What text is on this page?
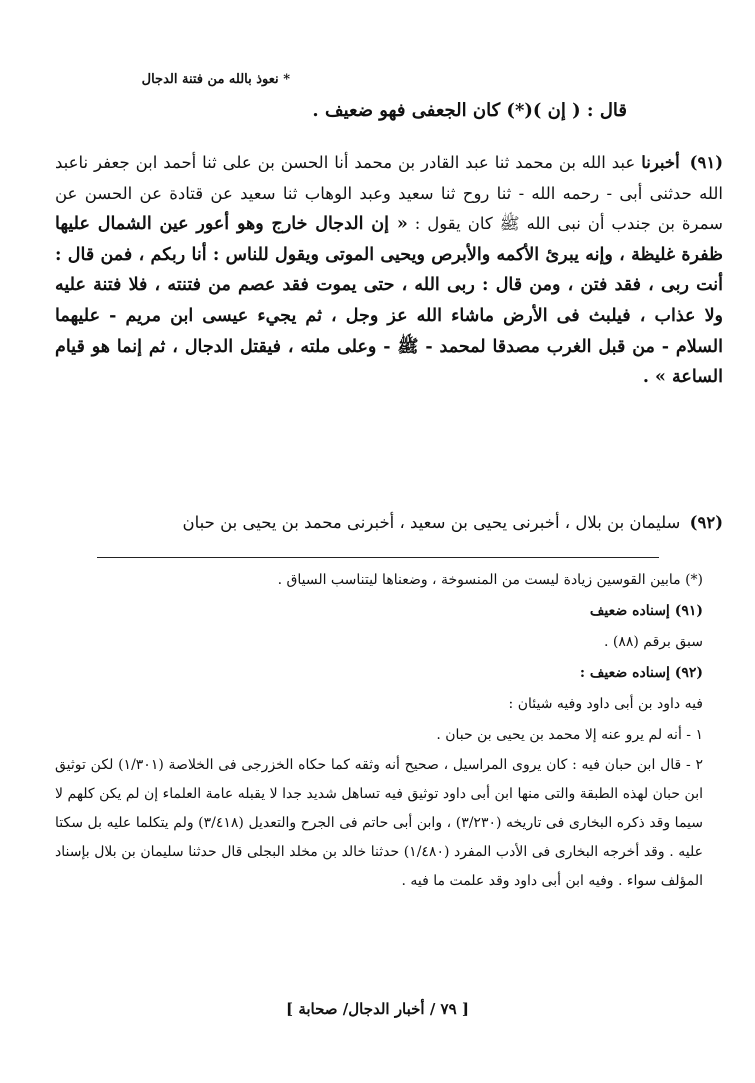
* نعوذ بالله من فتنة الدجال
قال : ( إن )(*) كان الجعفى فهو ضعيف .

(٩١) أخبرنا عبد الله بن محمد ثنا عبد القادر بن محمد أنا الحسن بن على ثنا أحمد ابن جعفر ناعبد الله حدثنى أبى - رحمه الله - ثنا روح ثنا سعيد وعبد الوهاب ثنا سعيد عن قتادة عن الحسن عن سمرة بن جندب أن نبى الله ﷺ كان يقول : « إن الدجال خارج وهو أعور عين الشمال عليها ظفرة غليظة ، وإنه يبرئ الأكمه والأبرص ويحيى الموتى ويقول للناس : أنا ربكم ، فمن قال : أنت ربى ، فقد فتن ، ومن قال : ربى الله ، حتى يموت فقد عصم من فتنته ، فلا فتنة عليه ولا عذاب ، فيلبث فى الأرض ماشاء الله عز وجل ، ثم يجيء عيسى ابن مريم - عليهما السلام - من قبل الغرب مصدقا لمحمد - ﷺ - وعلى ملته ، فيقتل الدجال ، ثم إنما هو قيام الساعة » .

(٩٢) سليمان بن بلال ، أخبرنى يحيى بن سعيد ، أخبرنى محمد بن يحيى بن حبان
(*) مابين القوسين زيادة ليست من المنسوخة ، وضعناها ليتناسب السياق .
(٩١) إسناده ضعيف
سبق برقم (٨٨) .
(٩٢) إسناده ضعيف :
فيه داود بن أبى داود وفيه شيئان :
١ - أنه لم يرو عنه إلا محمد بن يحيى بن حبان .
٢ - قال ابن حبان فيه : كان يروى المراسيل ، صحيح أنه وثقه كما حكاه الخزرجى فى الخلاصة (١/٣٠١) لكن توثيق ابن حبان لهذه الطبقة والتى منها ابن أبى داود توثيق فيه تساهل شديد جدا لا يقبله عامة العلماء إن لم يكن كلهم لا سيما وقد ذكره البخارى فى تاريخه (٣/٢٣٠) ، وابن أبى حاتم فى الجرح والتعديل (٣/٤١٨) ولم يتكلما عليه بل سكتا عليه . وقد أخرجه البخارى فى الأدب المفرد (١/٤٨٠) حدثنا خالد بن مخلد البجلى قال حدثنا سليمان بن بلال بإسناد المؤلف سواء . وفيه ابن أبى داود وقد علمت ما فيه .
[ ٧٩ / أخبار الدجال/ صحابة ]
